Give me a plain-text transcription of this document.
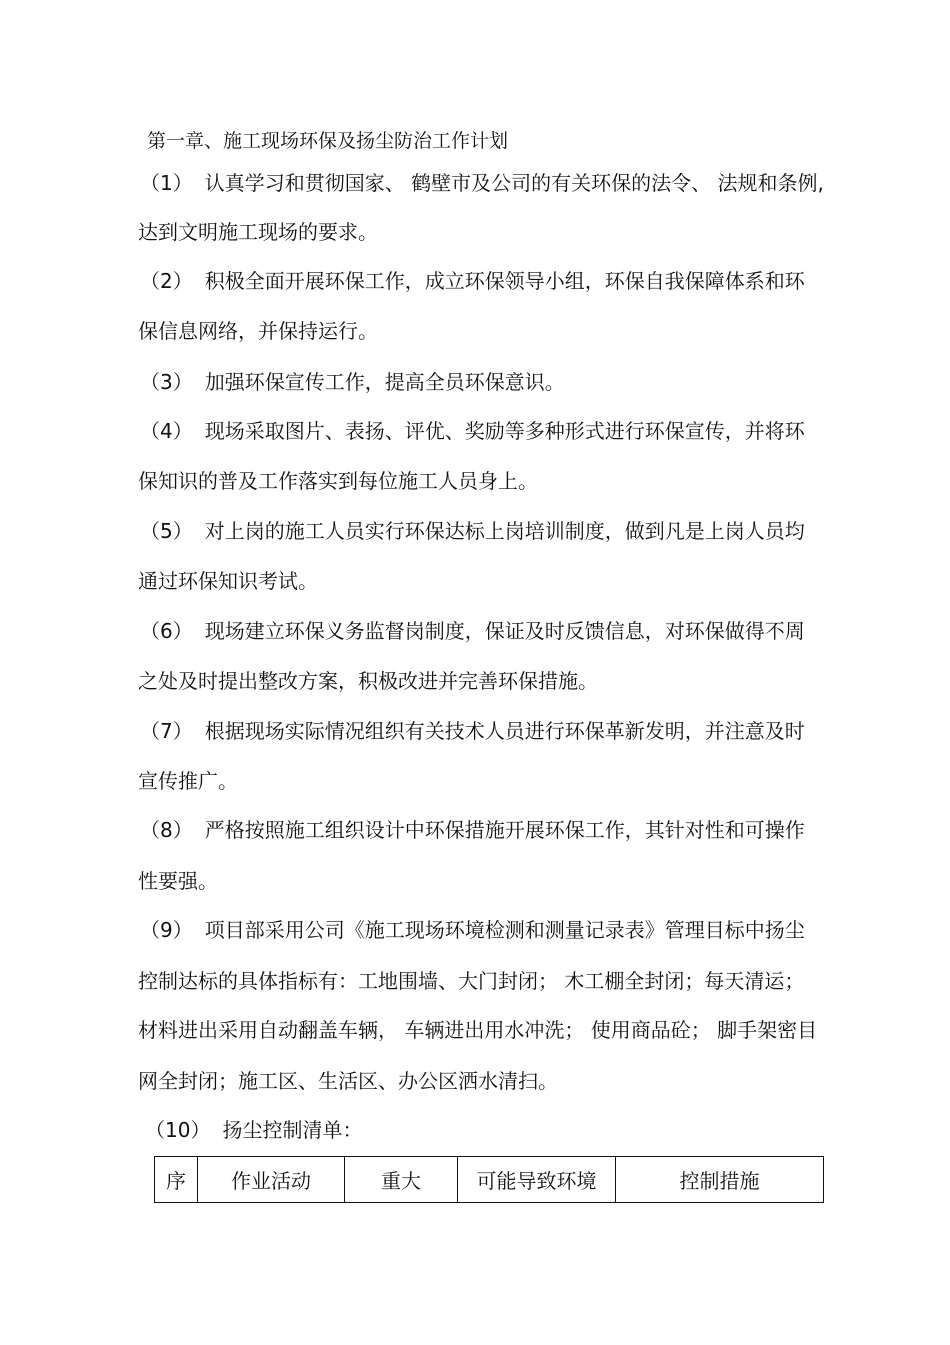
第一章、施工现场环保及扬尘防治工作计划
（1） 认真学习和贯彻国家、 鹤壁市及公司的有关环保的法令、 法规和条例,
达到文明施工现场的要求。
（2） 积极全面开展环保工作，成立环保领导小组，环保自我保障体系和环
保信息网络，并保持运行。
（3） 加强环保宣传工作，提高全员环保意识。
（4） 现场采取图片、表扬、评优、奖励等多种形式进行环保宣传，并将环
保知识的普及工作落实到每位施工人员身上。
（5） 对上岗的施工人员实行环保达标上岗培训制度，做到凡是上岗人员均
通过环保知识考试。
（6） 现场建立环保义务监督岗制度，保证及时反馈信息，对环保做得不周
之处及时提出整改方案，积极改进并完善环保措施。
（7） 根据现场实际情况组织有关技术人员进行环保革新发明，并注意及时
宣传推广。
（8） 严格按照施工组织设计中环保措施开展环保工作，其针对性和可操作
性要强。
（9） 项目部采用公司《施工现场环境检测和测量记录表》管理目标中扬尘
控制达标的具体指标有：工地围墙、大门封闭； 木工棚全封闭；每天清运；
材料进出采用自动翻盖车辆， 车辆进出用水冲洗； 使用商品砼； 脚手架密目
网全封闭；施工区、生活区、办公区洒水清扫。
（10） 扬尘控制清单：
序	作业活动	重大	可能导致环境	控制措施
